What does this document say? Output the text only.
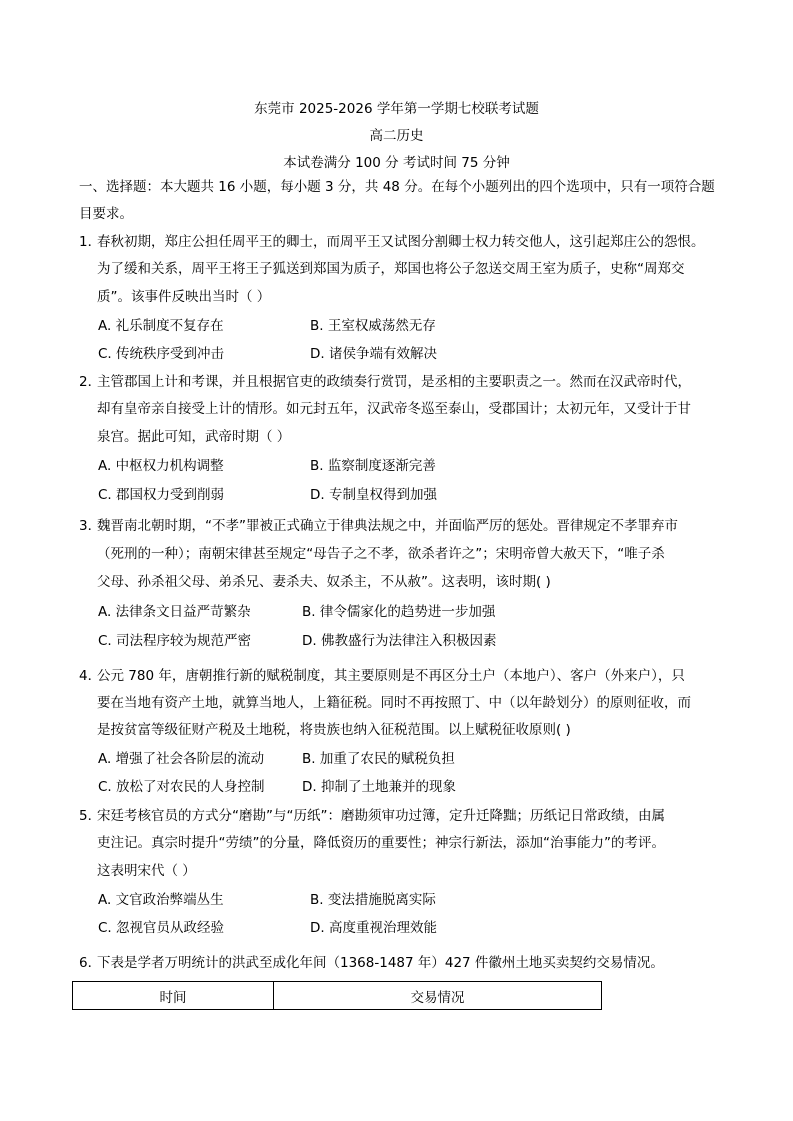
东莞市 2025-2026 学年第一学期七校联考试题
高二历史
本试卷满分 100 分 考试时间 75 分钟
一、选择题：本大题共 16 小题，每小题 3 分，共 48 分。在每个小题列出的四个选项中，只有一项符合题
目要求。
1．
春秋初期，郑庄公担任周平王的卿士，而周平王又试图分割卿士权力转交他人，这引起郑庄公的怨恨。
为了缓和关系，周平王将王子狐送到郑国为质子，郑国也将公子忽送交周王室为质子，史称“周郑交
质”。该事件反映出当时（ ）
A. 礼乐制度不复存在	B. 王室权威荡然无存
C. 传统秩序受到冲击	D. 诸侯争端有效解决
2．
主管郡国上计和考课，并且根据官吏的政绩奏行赏罚，是丞相的主要职责之一。然而在汉武帝时代，
却有皇帝亲自接受上计的情形。如元封五年，汉武帝冬巡至泰山，受郡国计；太初元年，又受计于甘
泉宫。据此可知，武帝时期（ ）
A. 中枢权力机构调整	B. 监察制度逐渐完善
C. 郡国权力受到削弱	D. 专制皇权得到加强
3．
魏晋南北朝时期，“不孝”罪被正式确立于律典法规之中，并面临严厉的惩处。晋律规定不孝罪弃市
（死刑的一种）；南朝宋律甚至规定“母告子之不孝，欲杀者许之”；宋明帝曾大赦天下，“唯子杀
父母、孙杀祖父母、弟杀兄、妻杀夫、奴杀主，不从赦”。这表明，该时期( )
A. 法律条文日益严苛繁杂	B. 律令儒家化的趋势进一步加强
C. 司法程序较为规范严密	D. 佛教盛行为法律注入积极因素
4．
公元 780 年，唐朝推行新的赋税制度，其主要原则是不再区分土户（本地户）、客户（外来户），只
要在当地有资产土地，就算当地人，上籍征税。同时不再按照丁、中（以年龄划分）的原则征收，而
是按贫富等级征财产税及土地税，将贵族也纳入征税范围。以上赋税征收原则( )
A. 增强了社会各阶层的流动	B. 加重了农民的赋税负担
C. 放松了对农民的人身控制	D. 抑制了土地兼并的现象
5．
宋廷考核官员的方式分“磨勘”与“历纸”：磨勘须审功过簿，定升迁降黜；历纸记日常政绩，由属
吏注记。真宗时提升“劳绩”的分量，降低资历的重要性；神宗行新法，添加“治事能力”的考评。
这表明宋代（ ）
A. 文官政治弊端丛生	B. 变法措施脱离实际
C. 忽视官员从政经验	D. 高度重视治理效能
6．
下表是学者万明统计的洪武至成化年间（1368-1487 年）427 件徽州土地买卖契约交易情况。
时间	交易情况
